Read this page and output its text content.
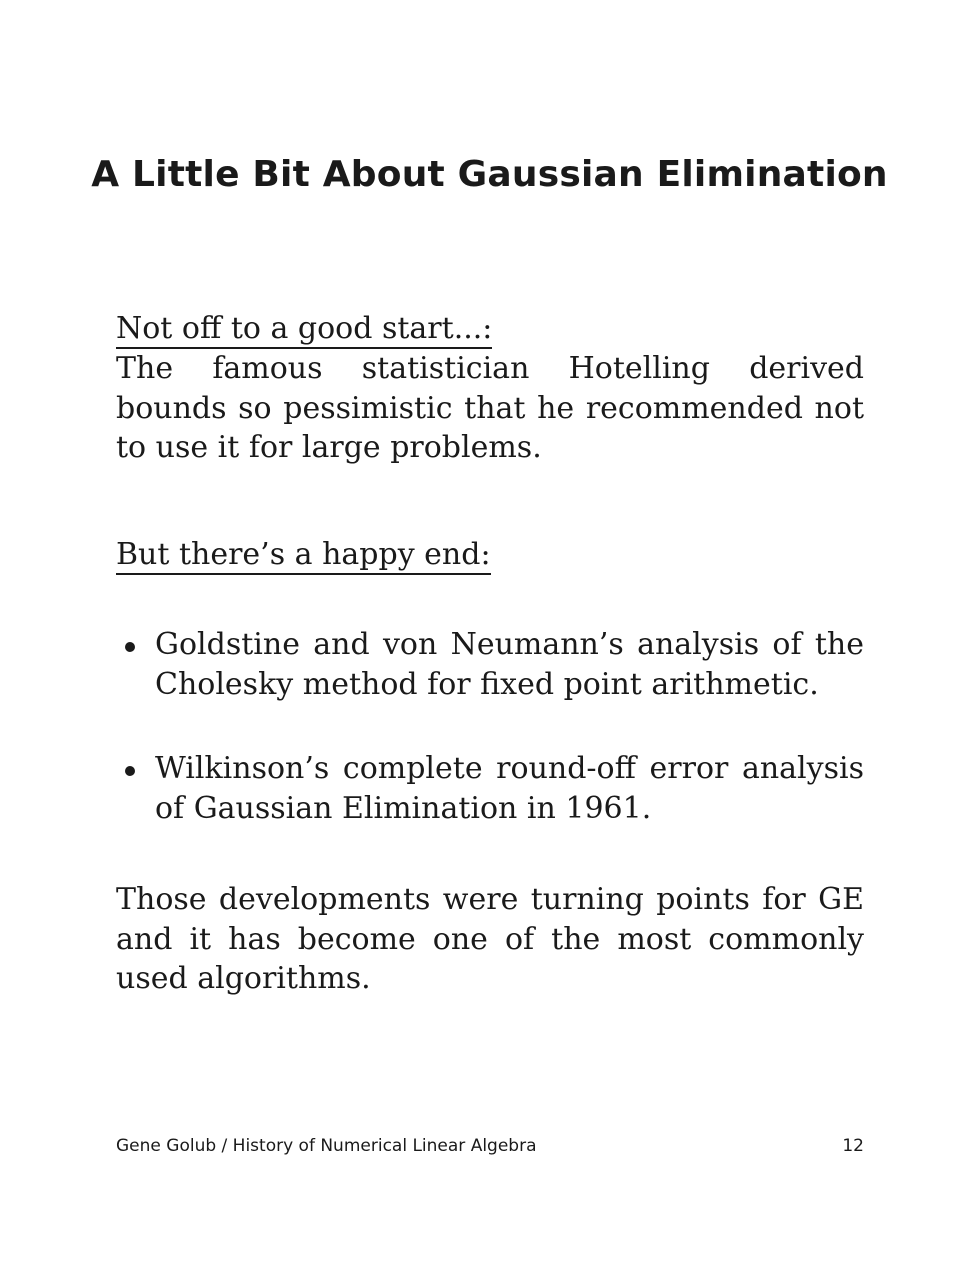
A Little Bit About Gaussian Elimination
Not off to a good start...:
The famous statistician Hotelling derived bounds so pessimistic that he recommended not to use it for large problems.
But there’s a happy end:
Goldstine and von Neumann’s analysis of the Cholesky method for fixed point arithmetic.
Wilkinson’s complete round-off error analysis of Gaussian Elimination in 1961.
Those developments were turning points for GE and it has become one of the most commonly used algorithms.
Gene Golub / History of Numerical Linear Algebra	12
